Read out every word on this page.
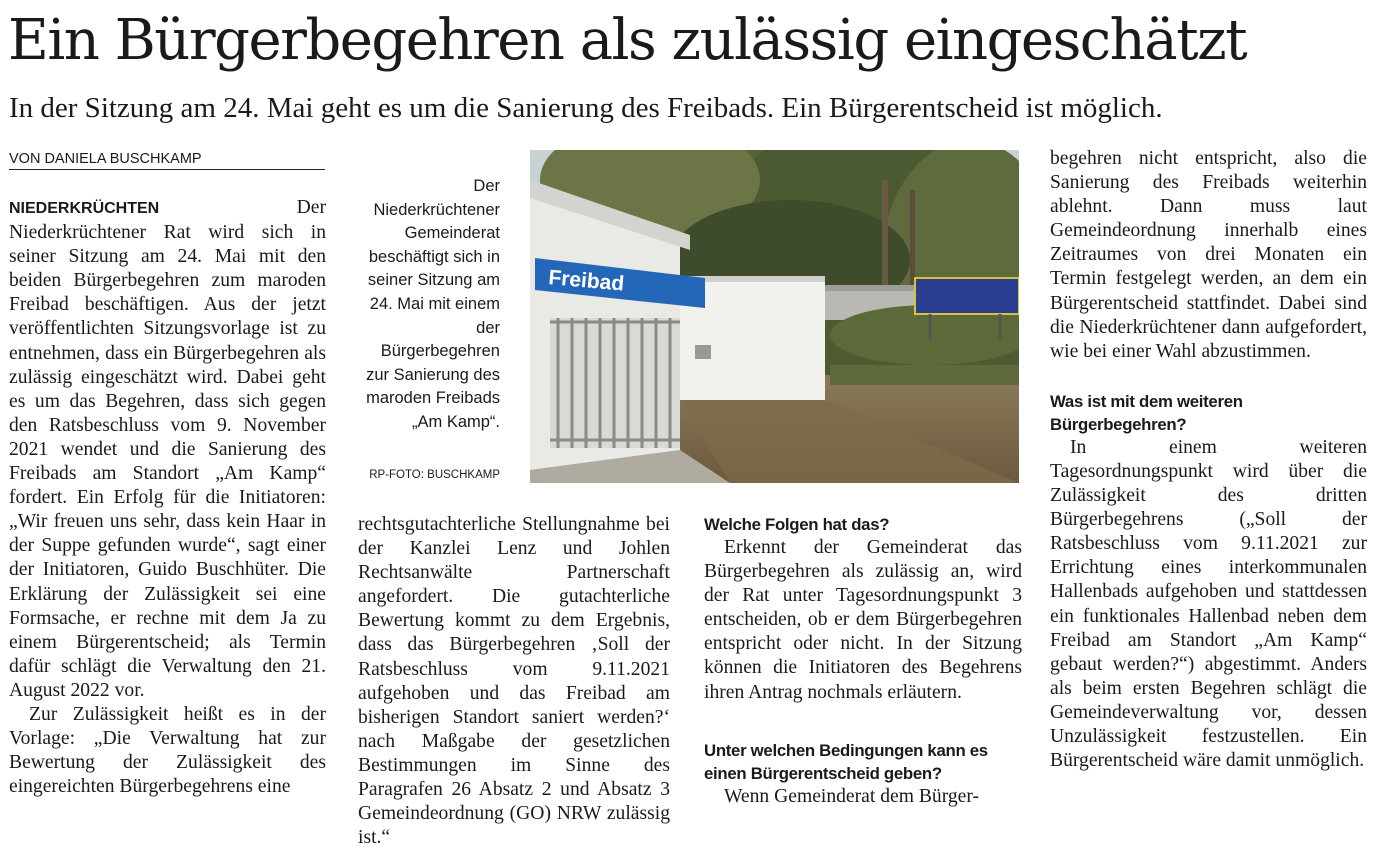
Ein Bürgerbegehren als zulässig eingeschätzt
In der Sitzung am 24. Mai geht es um die Sanierung des Freibads. Ein Bürgerentscheid ist möglich.
VON DANIELA BUSCHKAMP

NIEDERKRÜCHTEN Der Niederkrüchtener Rat wird sich in seiner Sitzung am 24. Mai mit den beiden Bürgerbegehren zum maroden Freibad beschäftigen. Aus der jetzt veröffentlichten Sitzungsvorlage ist zu entnehmen, dass ein Bürgerbegehren als zulässig eingeschätzt wird. Dabei geht es um das Begehren, dass sich gegen den Ratsbeschluss vom 9. November 2021 wendet und die Sanierung des Freibads am Standort „Am Kamp“ fordert. Ein Erfolg für die Initiatoren: „Wir freuen uns sehr, dass kein Haar in der Suppe gefunden wurde“, sagt einer der Initiatoren, Guido Buschhüter. Die Erklärung der Zulässigkeit sei eine Formsache, er rechne mit dem Ja zu einem Bürgerentscheid; als Termin dafür schlägt die Verwaltung den 21. August 2022 vor.

Zur Zulässigkeit heißt es in der Vorlage: „Die Verwaltung hat zur Bewertung der Zulässigkeit des eingereichten Bürgerbegehrens eine

Der Niederkrüchtener Gemeinderat beschäftigt sich in seiner Sitzung am 24. Mai mit einem der Bürgerbegehren zur Sanierung des maroden Freibads „Am Kamp“.
RP-FOTO: BUSCHKAMP
Freibad

rechtsgutachterliche Stellungnahme bei der Kanzlei Lenz und Johlen Rechtsanwälte Partnerschaft angefordert. Die gutachterliche Bewertung kommt zu dem Ergebnis, dass das Bürgerbegehren ‚Soll der Ratsbeschluss vom 9.11.2021 aufgehoben und das Freibad am bisherigen Standort saniert werden?‘ nach Maßgabe der gesetzlichen Bestimmungen im Sinne des Paragrafen 26 Absatz 2 und Absatz 3 Gemeindeordnung (GO) NRW zulässig ist.“

Welche Folgen hat das?

Erkennt der Gemeinderat das Bürgerbegehren als zulässig an, wird der Rat unter Tagesordnungspunkt 3 entscheiden, ob er dem Bürgerbegehren entspricht oder nicht. In der Sitzung können die Initiatoren des Begehrens ihren Antrag nochmals erläutern.

Unter welchen Bedingungen kann es einen Bürgerentscheid geben?

Wenn Gemeinderat dem Bürger-

begehren nicht entspricht, also die Sanierung des Freibads weiterhin ablehnt. Dann muss laut Gemeindeordnung innerhalb eines Zeitraumes von drei Monaten ein Termin festgelegt werden, an dem ein Bürgerentscheid stattfindet. Dabei sind die Niederkrüchtener dann aufgefordert, wie bei einer Wahl abzustimmen.

Was ist mit dem weiteren Bürgerbegehren?

In einem weiteren Tagesordnungspunkt wird über die Zulässigkeit des dritten Bürgerbegehrens („Soll der Ratsbeschluss vom 9.11.2021 zur Errichtung eines interkommunalen Hallenbads aufgehoben und stattdessen ein funktionales Hallenbad neben dem Freibad am Standort „Am Kamp“ gebaut werden?“) abgestimmt. Anders als beim ersten Begehren schlägt die Gemeindeverwaltung vor, dessen Unzulässigkeit festzustellen. Ein Bürgerentscheid wäre damit unmöglich.
